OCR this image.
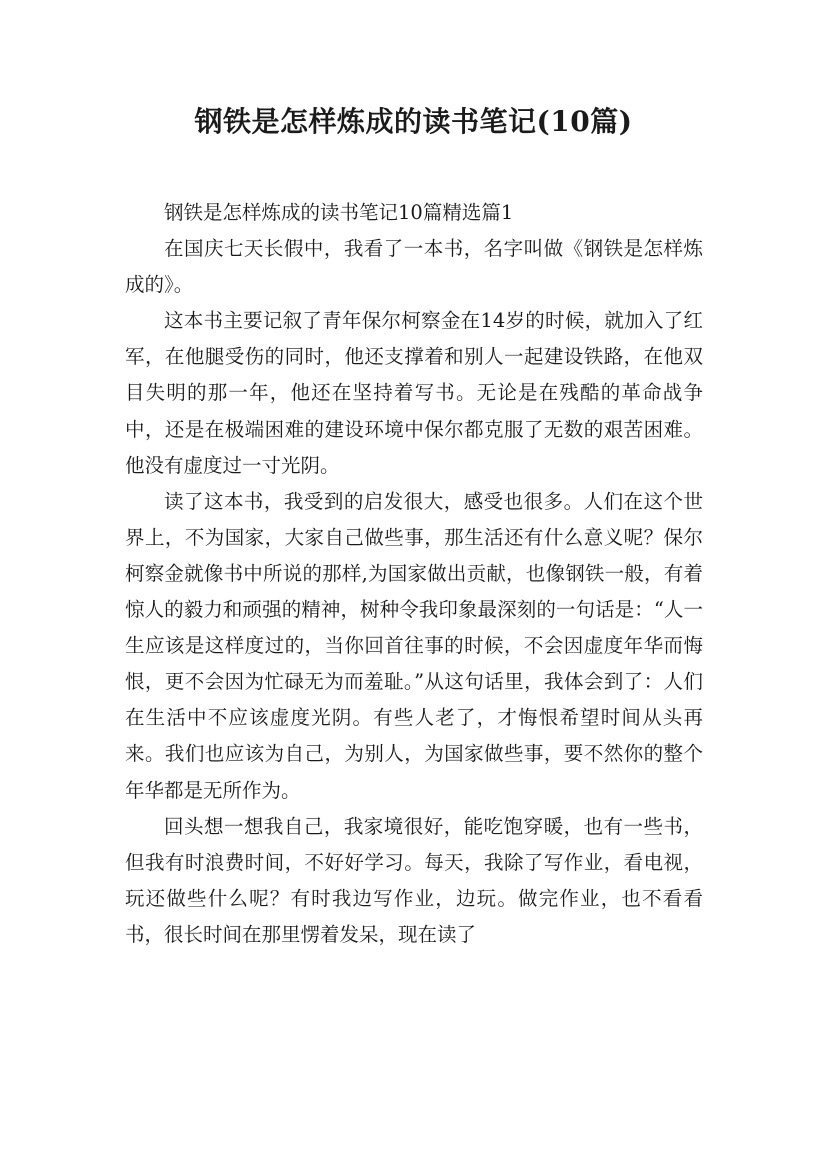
钢铁是怎样炼成的读书笔记(10篇)

钢铁是怎样炼成的读书笔记10篇精选篇1

在国庆七天长假中，我看了一本书，名字叫做《钢铁是怎样炼成的》。

这本书主要记叙了青年保尔柯察金在14岁的时候，就加入了红军，在他腿受伤的同时，他还支撑着和别人一起建设铁路，在他双目失明的那一年，他还在坚持着写书。无论是在残酷的革命战争中，还是在极端困难的建设环境中保尔都克服了无数的艰苦困难。他没有虚度过一寸光阴。

读了这本书，我受到的启发很大，感受也很多。人们在这个世界上，不为国家，大家自己做些事，那生活还有什么意义呢？保尔柯察金就像书中所说的那样,为国家做出贡献，也像钢铁一般，有着惊人的毅力和顽强的精神，树种令我印象最深刻的一句话是：“人一生应该是这样度过的，当你回首往事的时候，不会因虚度年华而悔恨，更不会因为忙碌无为而羞耻。”从这句话里，我体会到了：人们在生活中不应该虚度光阴。有些人老了，才悔恨希望时间从头再来。我们也应该为自己，为别人，为国家做些事，要不然你的整个年华都是无所作为。

回头想一想我自己，我家境很好，能吃饱穿暖，也有一些书，但我有时浪费时间，不好好学习。每天，我除了写作业，看电视，玩还做些什么呢？有时我边写作业，边玩。做完作业，也不看看书，很长时间在那里愣着发呆，现在读了
